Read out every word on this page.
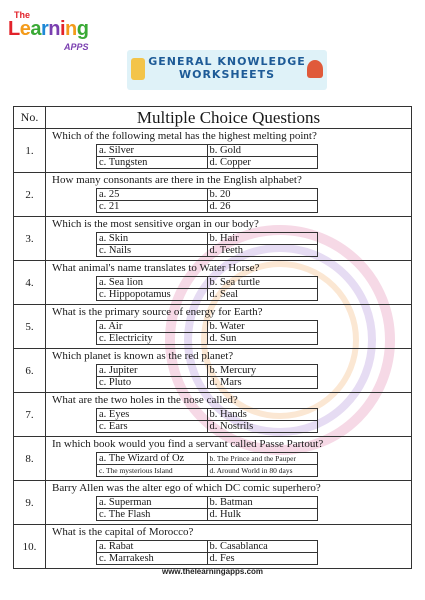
The
Learning
APPS
GENERAL KNOWLEDGE
WORKSHEETS
No.	Multiple Choice Questions
1.	
Which of the following metal has the highest melting point?
a. Silver	b. Gold
c. Tungsten	d. Copper

2.	
How many consonants are there in the English alphabet?
a. 25	b. 20
c. 21	d. 26

3.	
Which is the most sensitive organ in our body?
a. Skin	b. Hair
c. Nails	d. Teeth

4.	
What animal's name translates to Water Horse?
a. Sea lion	b. Sea turtle
c. Hippopotamus	d. Seal

5.	
What is the primary source of energy for Earth?
a. Air	b. Water
c. Electricity	d. Sun

6.	
Which planet is known as the red planet?
a. Jupiter	b. Mercury
c. Pluto	d. Mars

7.	
What are the two holes in the nose called?
a. Eyes	b. Hands
c. Ears	d. Nostrils

8.	
In which book would you find a servant called Passe Partout?
a. The Wizard of Oz	b. The Prince and the Pauper
c. The mysterious Island	d. Around World in 80 days

9.	
Barry Allen was the alter ego of which DC comic superhero?
a. Superman	b. Batman
c. The Flash	d. Hulk

10.	
What is the capital of Morocco?
a. Rabat	b. Casablanca
c. Marrakesh	d. Fes
www.thelearningapps.com
